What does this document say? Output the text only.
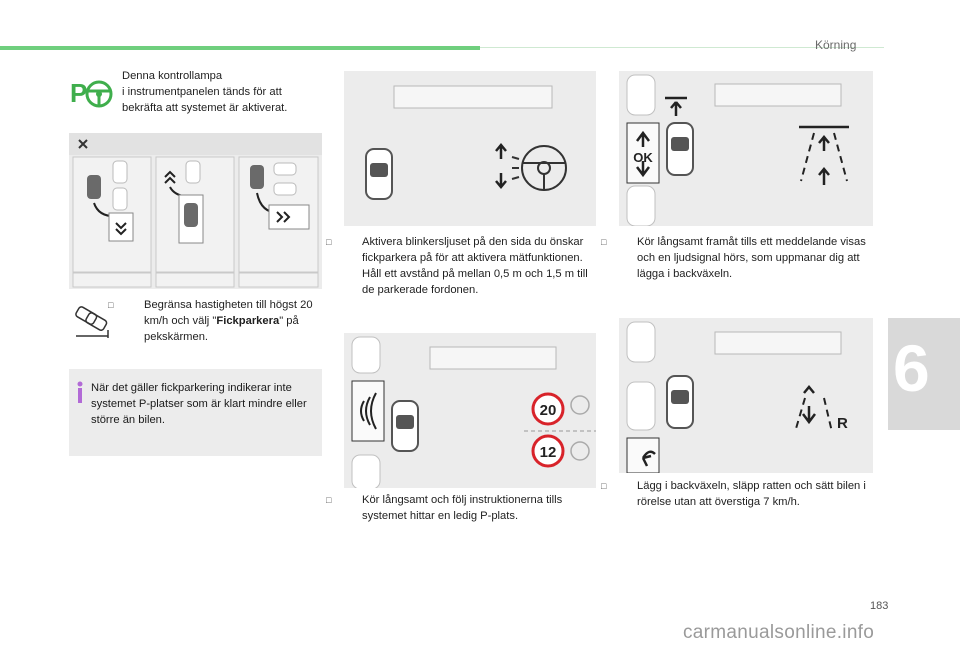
Körning
6
P
Denna kontrollampa
i instrumentpanelen tänds för att
bekräfta att systemet är aktiverat.
□	Begränsa hastigheten till högst 20 km/h och välj "Fickparkera" på pekskärmen.
När det gäller fickparkering indikerar inte systemet P-platser som är klart mindre eller större än bilen.
□	Aktivera blinkersljuset på den sida du önskar fickparkera på för att aktivera mätfunktionen. Håll ett avstånd på mellan 0,5 m och 1,5 m till de parkerade fordonen.
20
12
□	Kör långsamt och följ instruktionerna tills systemet hittar en ledig P-plats.
OK
□	Kör långsamt framåt tills ett meddelande visas och en ljudsignal hörs, som uppmanar dig att lägga i backväxeln.
R
□	Lägg i backväxeln, släpp ratten och sätt bilen i rörelse utan att överstiga 7 km/h.
183
carmanualsonline.info
